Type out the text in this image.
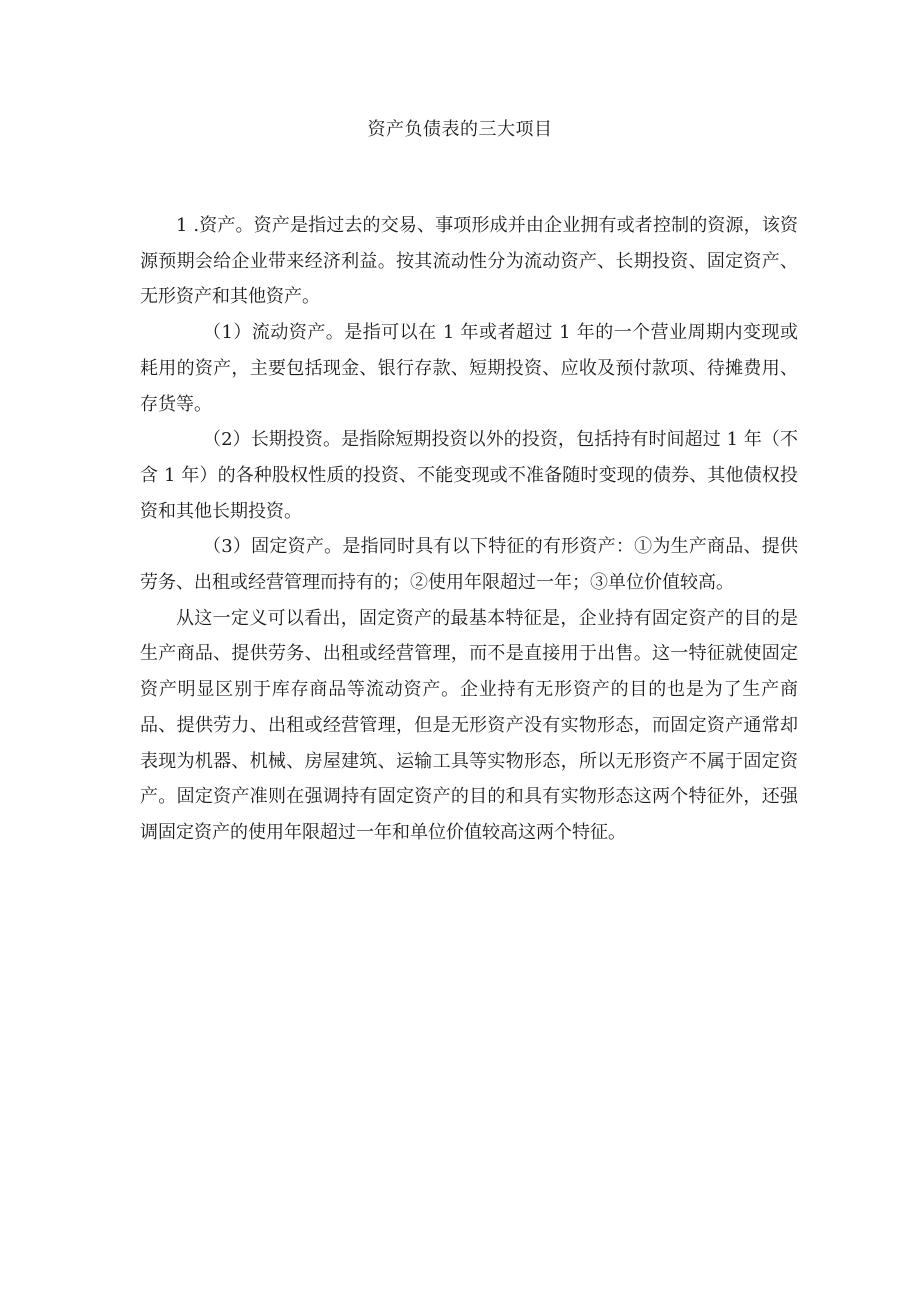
资产负债表的三大项目

1 .资产。资产是指过去的交易、事项形成并由企业拥有或者控制的资源，该资源预期会给企业带来经济利益。按其流动性分为流动资产、长期投资、固定资产、无形资产和其他资产。

（1）流动资产。是指可以在 1 年或者超过 1 年的一个营业周期内变现或耗用的资产，主要包括现金、银行存款、短期投资、应收及预付款项、待摊费用、存货等。

（2）长期投资。是指除短期投资以外的投资，包括持有时间超过 1 年（不含 1 年）的各种股权性质的投资、不能变现或不准备随时变现的债券、其他债权投资和其他长期投资。

（3）固定资产。是指同时具有以下特征的有形资产：①为生产商品、提供劳务、出租或经营管理而持有的；②使用年限超过一年；③单位价值较高。

从这一定义可以看出，固定资产的最基本特征是，企业持有固定资产的目的是生产商品、提供劳务、出租或经营管理，而不是直接用于出售。这一特征就使固定资产明显区别于库存商品等流动资产。企业持有无形资产的目的也是为了生产商品、提供劳力、出租或经营管理，但是无形资产没有实物形态，而固定资产通常却表现为机器、机械、房屋建筑、运输工具等实物形态，所以无形资产不属于固定资产。固定资产准则在强调持有固定资产的目的和具有实物形态这两个特征外，还强调固定资产的使用年限超过一年和单位价值较高这两个特征。
